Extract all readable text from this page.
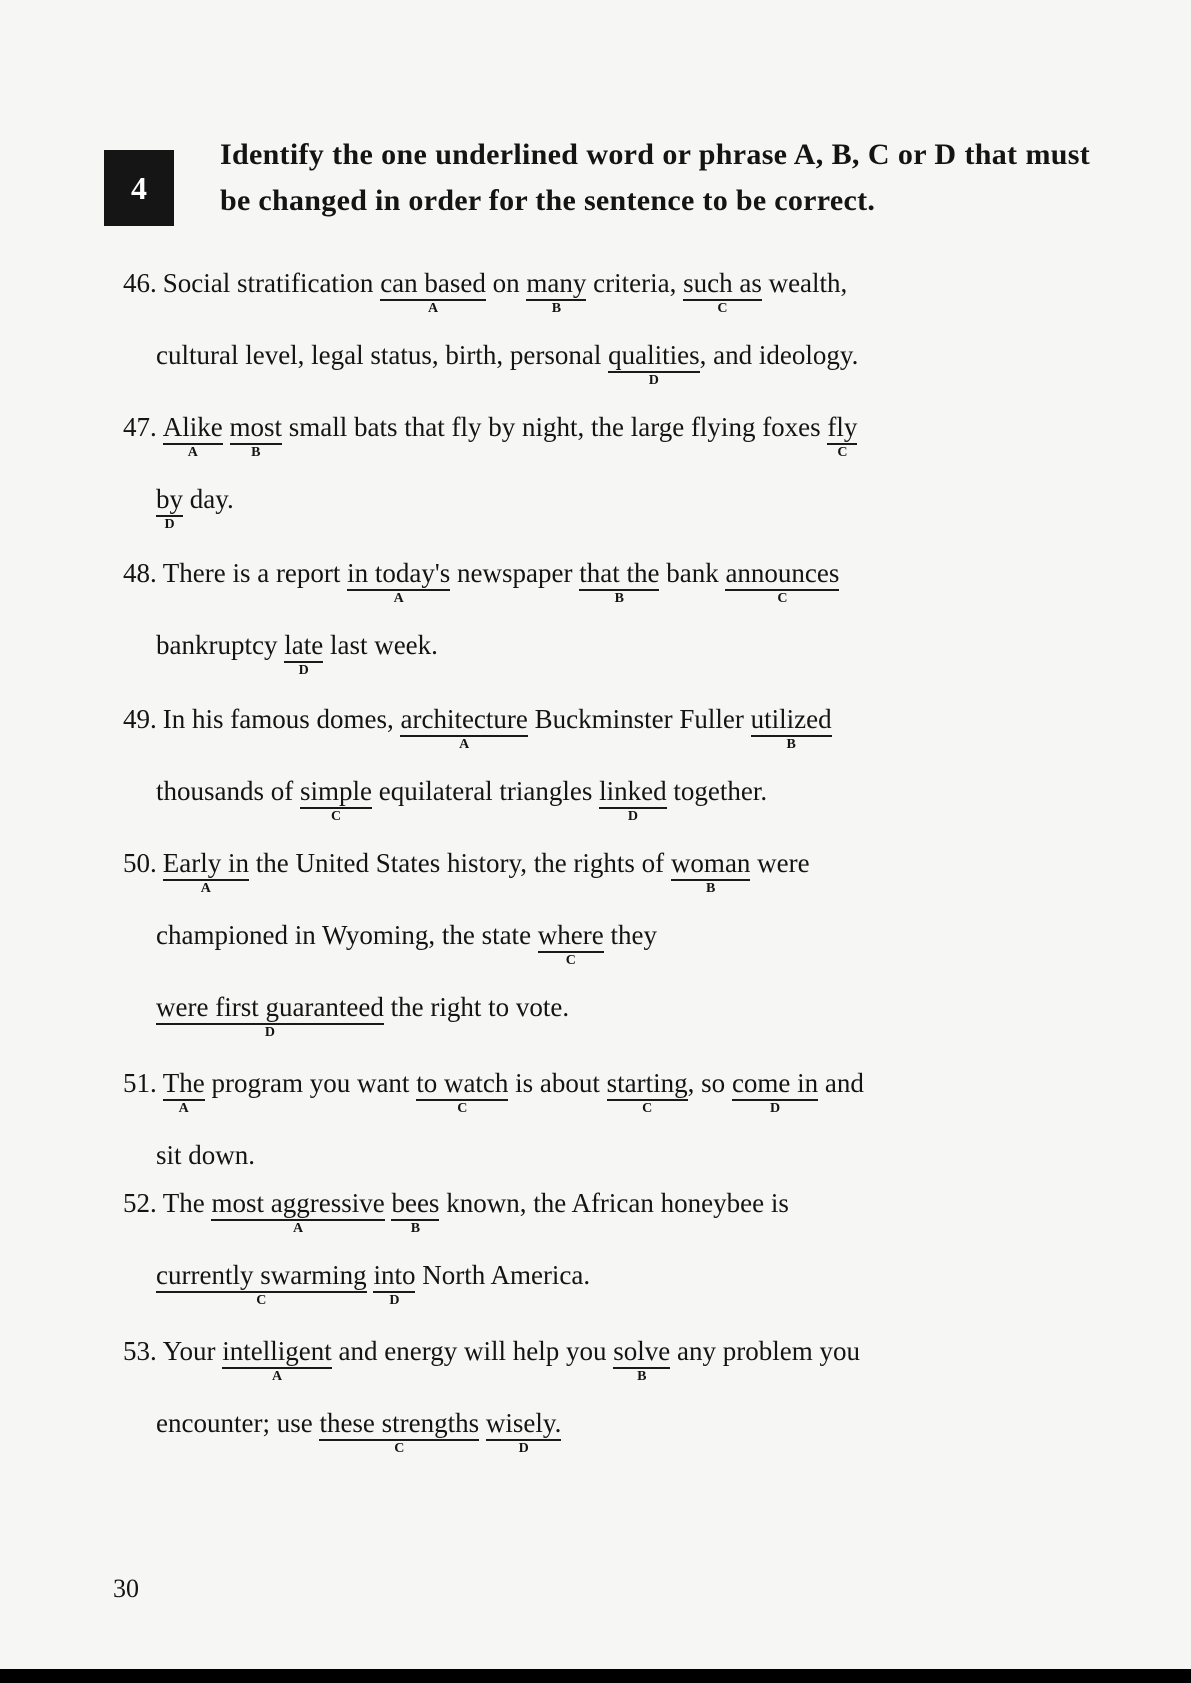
4
Identify the one underlined word or phrase A, B, C or D that must be changed in order for the sentence to be correct.
46. Social stratification can based
A
on many
B
criteria, such as
C
wealth,
cultural level, legal status, birth, personal qualities
D
, and ideology.
47. Alike
A
most
B
small bats that fly by night, the large flying foxes fly
C
by
D
day.
48. There is a report in today's
A
newspaper that the
B
bank announces
C
bankruptcy late
D
last week.
49. In his famous domes, architecture
A
Buckminster Fuller utilized
B
thousands of simple
C
equilateral triangles linked
D
together.
50. Early in
A
the United States history, the rights of woman
B
were
championed in Wyoming, the state where
C
they
were first guaranteed
D
the right to vote.
51. The
A
program you want to watch
C
is about starting
C
, so come in
D
and
sit down.
52. The most aggressive
A
bees
B
known, the African honeybee is
currently swarming
C
into
D
North America.
53. Your intelligent
A
and energy will help you solve
B
any problem you
encounter; use these strengths
C
wisely.
D
30
